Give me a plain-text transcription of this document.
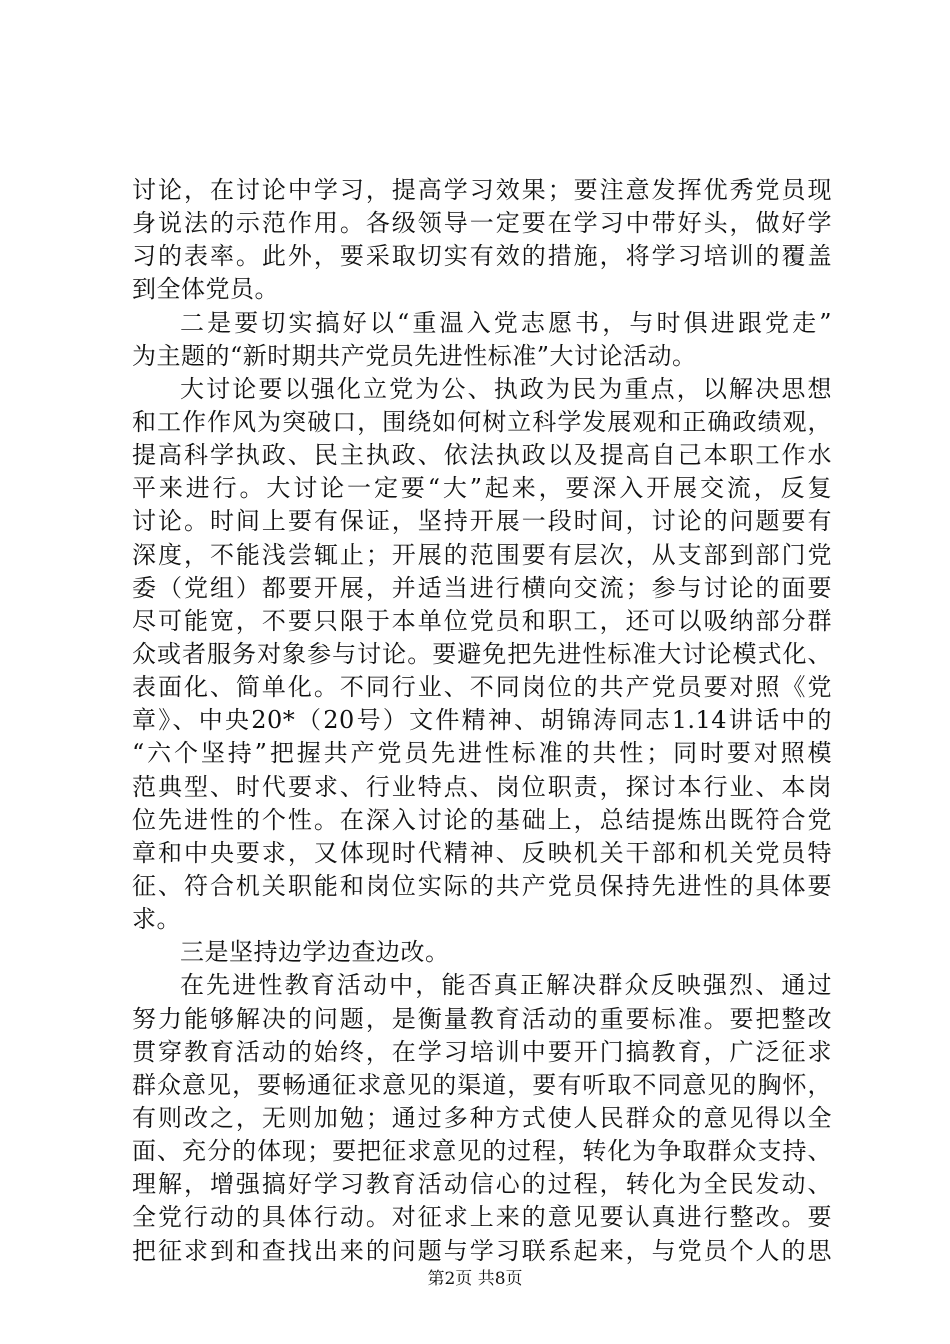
讨论，在讨论中学习，提高学习效果；要注意发挥优秀党员现
身说法的示范作用。各级领导一定要在学习中带好头，做好学
习的表率。此外，要采取切实有效的措施，将学习培训的覆盖
到全体党员。
二是要切实搞好以“重温入党志愿书，与时俱进跟党走”
为主题的“新时期共产党员先进性标准”大讨论活动。
大讨论要以强化立党为公、执政为民为重点，以解决思想
和工作作风为突破口，围绕如何树立科学发展观和正确政绩观，
提高科学执政、民主执政、依法执政以及提高自己本职工作水
平来进行。大讨论一定要“大”起来，要深入开展交流，反复
讨论。时间上要有保证，坚持开展一段时间，讨论的问题要有
深度，不能浅尝辄止；开展的范围要有层次，从支部到部门党
委（党组）都要开展，并适当进行横向交流；参与讨论的面要
尽可能宽，不要只限于本单位党员和职工，还可以吸纳部分群
众或者服务对象参与讨论。要避免把先进性标准大讨论模式化、
表面化、简单化。不同行业、不同岗位的共产党员要对照《党
章》、中央20*（20号）文件精神、胡锦涛同志1.14讲话中的
“六个坚持”把握共产党员先进性标准的共性；同时要对照模
范典型、时代要求、行业特点、岗位职责，探讨本行业、本岗
位先进性的个性。在深入讨论的基础上，总结提炼出既符合党
章和中央要求，又体现时代精神、反映机关干部和机关党员特
征、符合机关职能和岗位实际的共产党员保持先进性的具体要
求。
三是坚持边学边查边改。
在先进性教育活动中，能否真正解决群众反映强烈、通过
努力能够解决的问题，是衡量教育活动的重要标准。要把整改
贯穿教育活动的始终，在学习培训中要开门搞教育，广泛征求
群众意见，要畅通征求意见的渠道，要有听取不同意见的胸怀，
有则改之，无则加勉；通过多种方式使人民群众的意见得以全
面、充分的体现；要把征求意见的过程，转化为争取群众支持、
理解，增强搞好学习教育活动信心的过程，转化为全民发动、
全党行动的具体行动。对征求上来的意见要认真进行整改。要
把征求到和查找出来的问题与学习联系起来，与党员个人的思
第2页 共8页
